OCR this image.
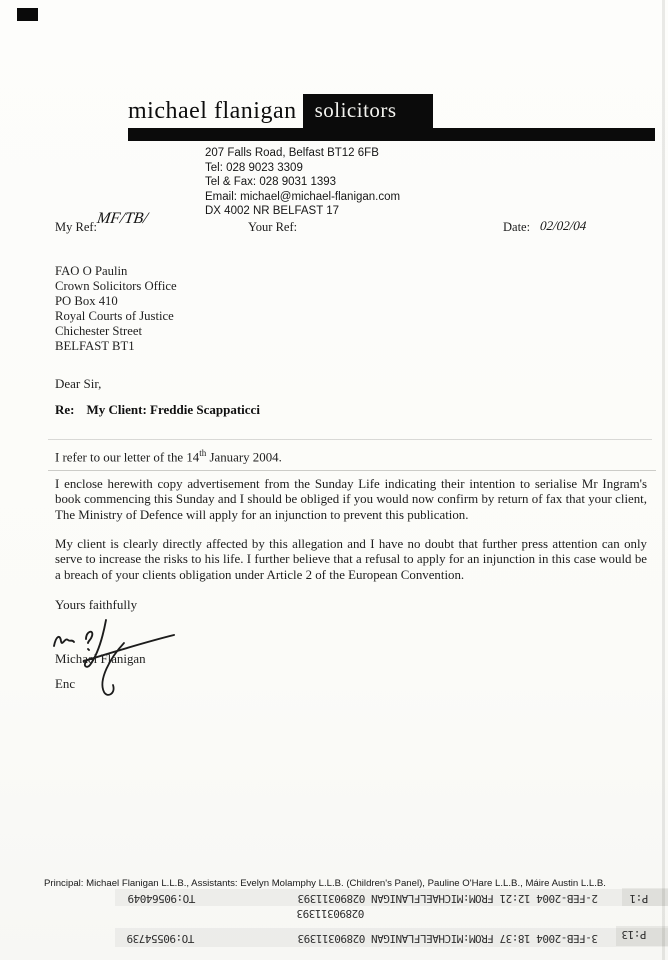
michael flanigan solicitors
207 Falls Road, Belfast BT12 6FB
Tel: 028 9023 3309
Tel & Fax: 028 9031 1393
Email: michael@michael-flanigan.com
DX 4002 NR BELFAST 17
My Ref:
MF/TB/	Your Ref:	Date: 02/02/04
FAO O Paulin
Crown Solicitors Office
PO Box 410
Royal Courts of Justice
Chichester Street
BELFAST BT1
Dear Sir,
Re: My Client: Freddie Scappaticci
I refer to our letter of the 14th January 2004.
I enclose herewith copy advertisement from the Sunday Life indicating their intention to serialise Mr Ingram's book commencing this Sunday and I should be obliged if you would now confirm by return of fax that your client, The Ministry of Defence will apply for an injunction to prevent this publication.
My client is clearly directly affected by this allegation and I have no doubt that further press attention can only serve to increase the risks to his life. I further believe that a refusal to apply for an injunction in this case would be a breach of your clients obligation under Article 2 of the European Convention.
Yours faithfully
Michael Flanigan
Enc
Principal: Michael Flanigan L.L.B., Assistants: Evelyn Molamphy L.L.B. (Children's Panel), Pauline O'Hare L.L.B., Máire Austin L.L.B.
TO:90564049	2-FEB-2004 12:21 FROM:MICHAELFLANIGAN 02890311393	P:1
02890311393
TO:90554739	3-FEB-2004 18:37 FROM:MICHAELFLANIGAN 02890311393 P:13
